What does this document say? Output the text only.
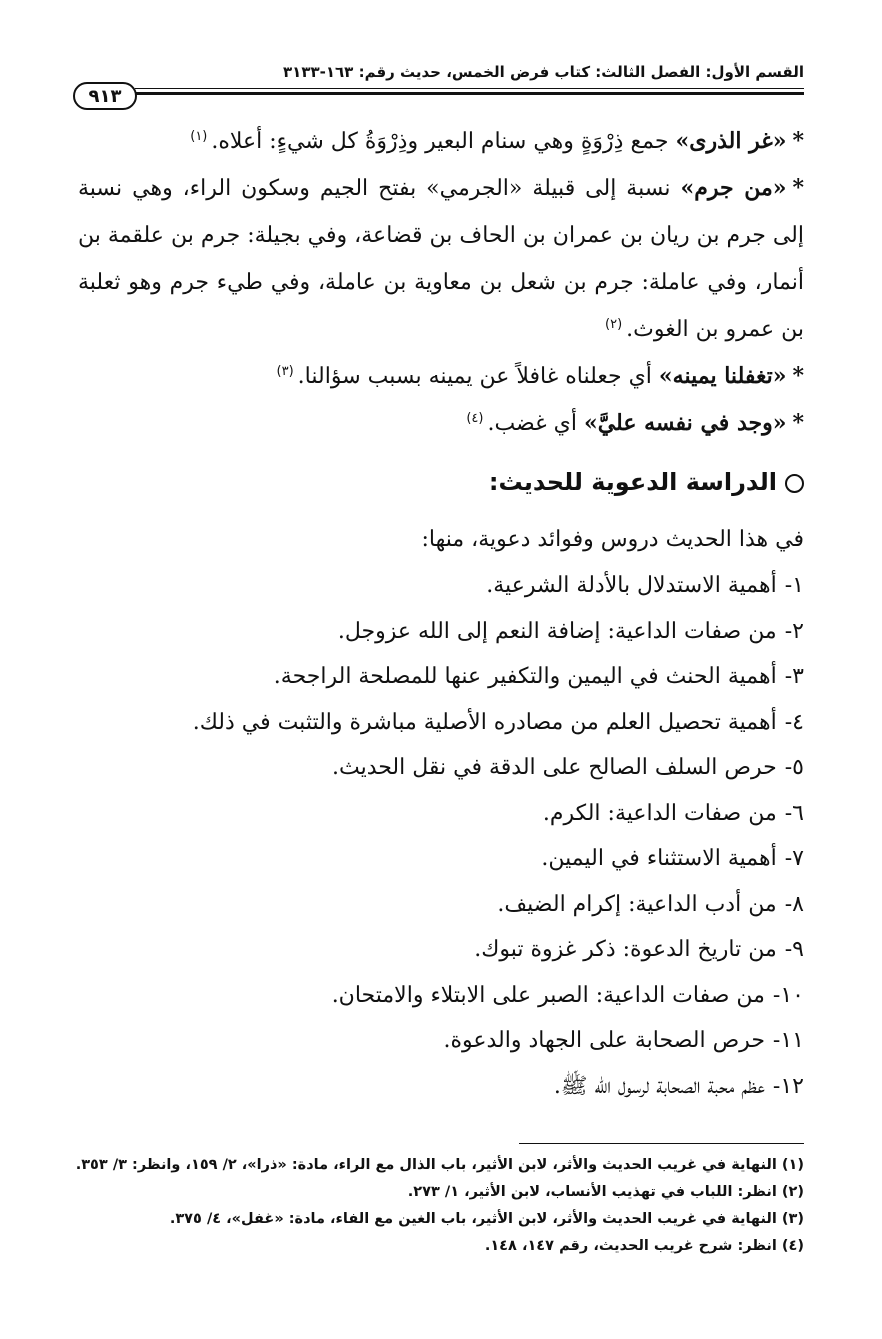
القسم الأول: الفصل الثالث: كتاب فرض الخمس، حديث رقم: ١٦٣-٣١٣٣
٩١٣

*«غر الذرى» جمع ذِرْوَةٍ وهي سنام البعير وذِرْوَةُ كل شيءٍ: أعلاه.$^{(١)}$

*«من جرم» نسبة إلى قبيلة «الجرمي» بفتح الجيم وسكون الراء، وهي نسبة إلى جرم بن ريان بن عمران بن الحاف بن قضاعة، وفي بجيلة: جرم بن علقمة بن أنمار، وفي عاملة: جرم بن شعل بن معاوية بن عاملة، وفي طيء جرم وهو ثعلبة بن عمرو بن الغوث.$^{(٢)}$

*«تغفلنا يمينه» أي جعلناه غافلاً عن يمينه بسبب سؤالنا.$^{(٣)}$

*«وجد في نفسه عليَّ» أي غضب.$^{(٤)}$

الدراسة الدعوية للحديث:

في هذا الحديث دروس وفوائد دعوية، منها:

١-أهمية الاستدلال بالأدلة الشرعية.
٢-من صفات الداعية: إضافة النعم إلى الله عزوجل.
٣-أهمية الحنث في اليمين والتكفير عنها للمصلحة الراجحة.
٤-أهمية تحصيل العلم من مصادره الأصلية مباشرة والتثبت في ذلك.
٥-حرص السلف الصالح على الدقة في نقل الحديث.
٦-من صفات الداعية: الكرم.
٧-أهمية الاستثناء في اليمين.
٨-من أدب الداعية: إكرام الضيف.
٩-من تاريخ الدعوة: ذكر غزوة تبوك.
١٠-من صفات الداعية: الصبر على الابتلاء والامتحان.
١١-حرص الصحابة على الجهاد والدعوة.
١٢-عظم محبة الصحابة لرسول الله ﷺ.

(١) النهاية في غريب الحديث والأثر، لابن الأثير، باب الذال مع الراء، مادة: «ذرا»، ٢/ ١٥٩، وانظر: ٣/ ٣٥٣.

(٢) انظر: اللباب في تهذيب الأنساب، لابن الأثير، ١/ ٢٧٣.

(٣) النهاية في غريب الحديث والأثر، لابن الأثير، باب الغين مع الفاء، مادة: «غفل»، ٤/ ٣٧٥.

(٤) انظر: شرح غريب الحديث، رقم ١٤٧، ١٤٨.
